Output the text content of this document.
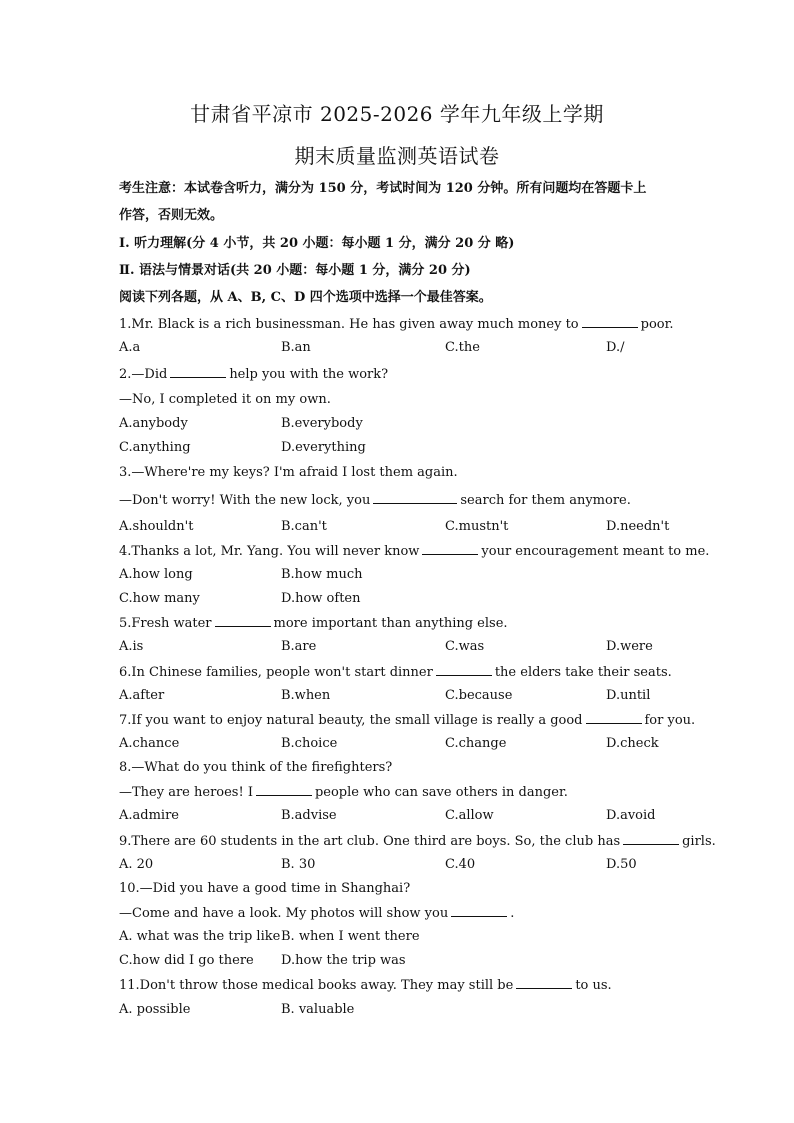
甘肃省平凉市 2025-2026 学年九年级上学期
期末质量监测英语试卷
考生注意：本试卷含听力，满分为 150 分，考试时间为 120 分钟。所有问题均在答题卡上
作答，否则无效。
I. 听力理解(分 4 小节，共 20 小题：每小题 1 分，满分 20 分 略)
Ⅱ. 语法与情景对话(共 20 小题：每小题 1 分，满分 20 分)
阅读下列各题，从 A、B, C、D 四个选项中选择一个最佳答案。
1.Mr. Black is a rich businessman. He has given away much money to	poor.
A.a	B.an	C.the	D./
2.—Did	help you with the work?
—No, I completed it on my own.
A.anybody	B.everybody
C.anything	D.everything
3.—Where're my keys? I'm afraid I lost them again.
—Don't worry! With the new lock, you	search for them anymore.
A.shouldn't	B.can't	C.mustn't	D.needn't
4.Thanks a lot, Mr. Yang. You will never know	your encouragement meant to me.
A.how long	B.how much
C.how many	D.how often
5.Fresh water	more important than anything else.
A.is	B.are	C.was	D.were
6.In Chinese families, people won't start dinner	the elders take their seats.
A.after	B.when	C.because	D.until
7.If you want to enjoy natural beauty, the small village is really a good	for you.
A.chance	B.choice	C.change	D.check
8.—What do you think of the firefighters?
—They are heroes! I	people who can save others in danger.
A.admire	B.advise	C.allow	D.avoid
9.There are 60 students in the art club. One third are boys. So, the club has	girls.
A. 20	B. 30	C.40	D.50
10.—Did you have a good time in Shanghai?
—Come and have a look. My photos will show you	.
A. what was the trip like B. when I went there
C.how did I go there D.how the trip was
11.Don't throw those medical books away. They may still be	to us.
A. possible	B. valuable
